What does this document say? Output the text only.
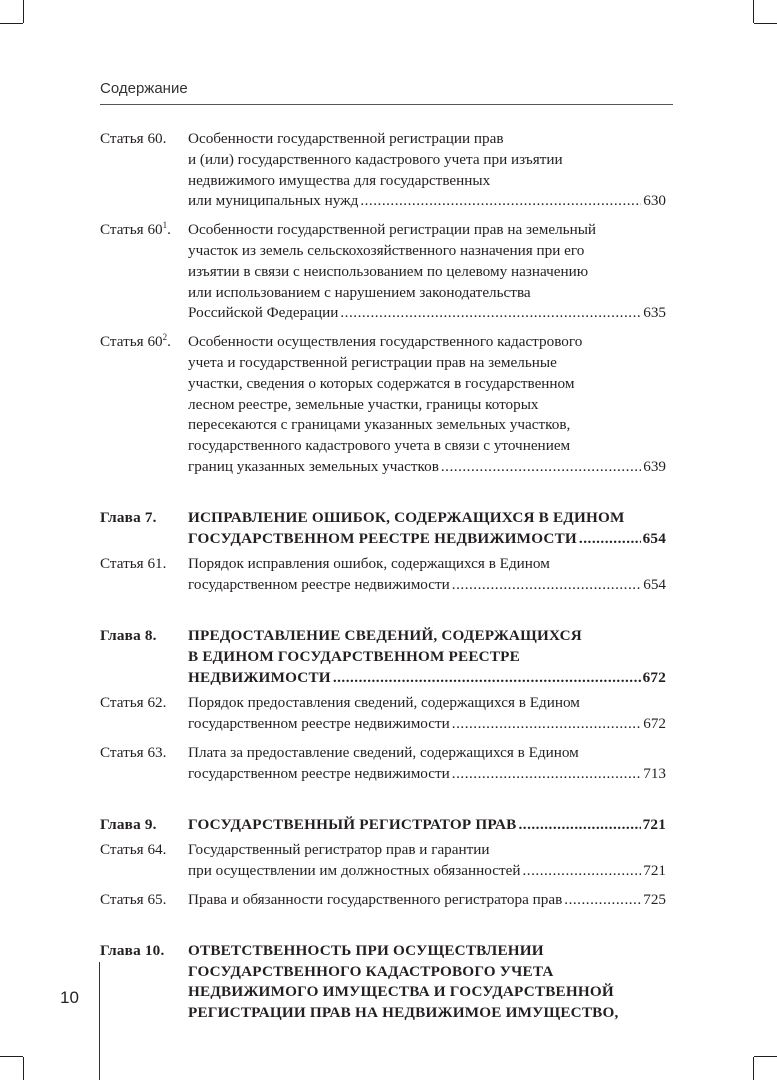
Содержание
Статья 60.	Особенности государственной регистрации прав
и (или) государственного кадастрового учета при изъятии
недвижимого имущества для государственных
или муниципальных нужд .....	630
Статья $60^1$.	Особенности государственной регистрации прав на земельный
участок из земель сельскохозяйственного назначения при его
изъятии в связи с неиспользованием по целевому назначению
или использованием с нарушением законодательства
Российской Федерации .....	635
Статья $60^2$.	Особенности осуществления государственного кадастрового
учета и государственной регистрации прав на земельные
участки, сведения о которых содержатся в государственном
лесном реестре, земельные участки, границы которых
пересекаются с границами указанных земельных участков,
государственного кадастрового учета в связи с уточнением
границ указанных земельных участков .....	639
Глава 7.	ИСПРАВЛЕНИЕ ОШИБОК, СОДЕРЖАЩИХСЯ В ЕДИНОМ
ГОСУДАРСТВЕННОМ РЕЕСТРЕ НЕДВИЖИМОСТИ .....	654
Статья 61.	Порядок исправления ошибок, содержащихся в Едином
государственном реестре недвижимости .....	654
Глава 8.	ПРЕДОСТАВЛЕНИЕ СВЕДЕНИЙ, СОДЕРЖАЩИХСЯ
В ЕДИНОМ ГОСУДАРСТВЕННОМ РЕЕСТРЕ
НЕДВИЖИМОСТИ .....	672
Статья 62.	Порядок предоставления сведений, содержащихся в Едином
государственном реестре недвижимости .....	672
Статья 63.	Плата за предоставление сведений, содержащихся в Едином
государственном реестре недвижимости .....	713
Глава 9.	ГОСУДАРСТВЕННЫЙ РЕГИСТРАТОР ПРАВ .....	721
Статья 64.	Государственный регистратор прав и гарантии
при осуществлении им должностных обязанностей .....	721
Статья 65.	Права и обязанности государственного регистратора прав .....	725
Глава 10.	ОТВЕТСТВЕННОСТЬ ПРИ ОСУЩЕСТВЛЕНИИ
ГОСУДАРСТВЕННОГО КАДАСТРОВОГО УЧЕТА
НЕДВИЖИМОГО ИМУЩЕСТВА И ГОСУДАРСТВЕННОЙ
РЕГИСТРАЦИИ ПРАВ НА НЕДВИЖИМОЕ ИМУЩЕСТВО,
10
